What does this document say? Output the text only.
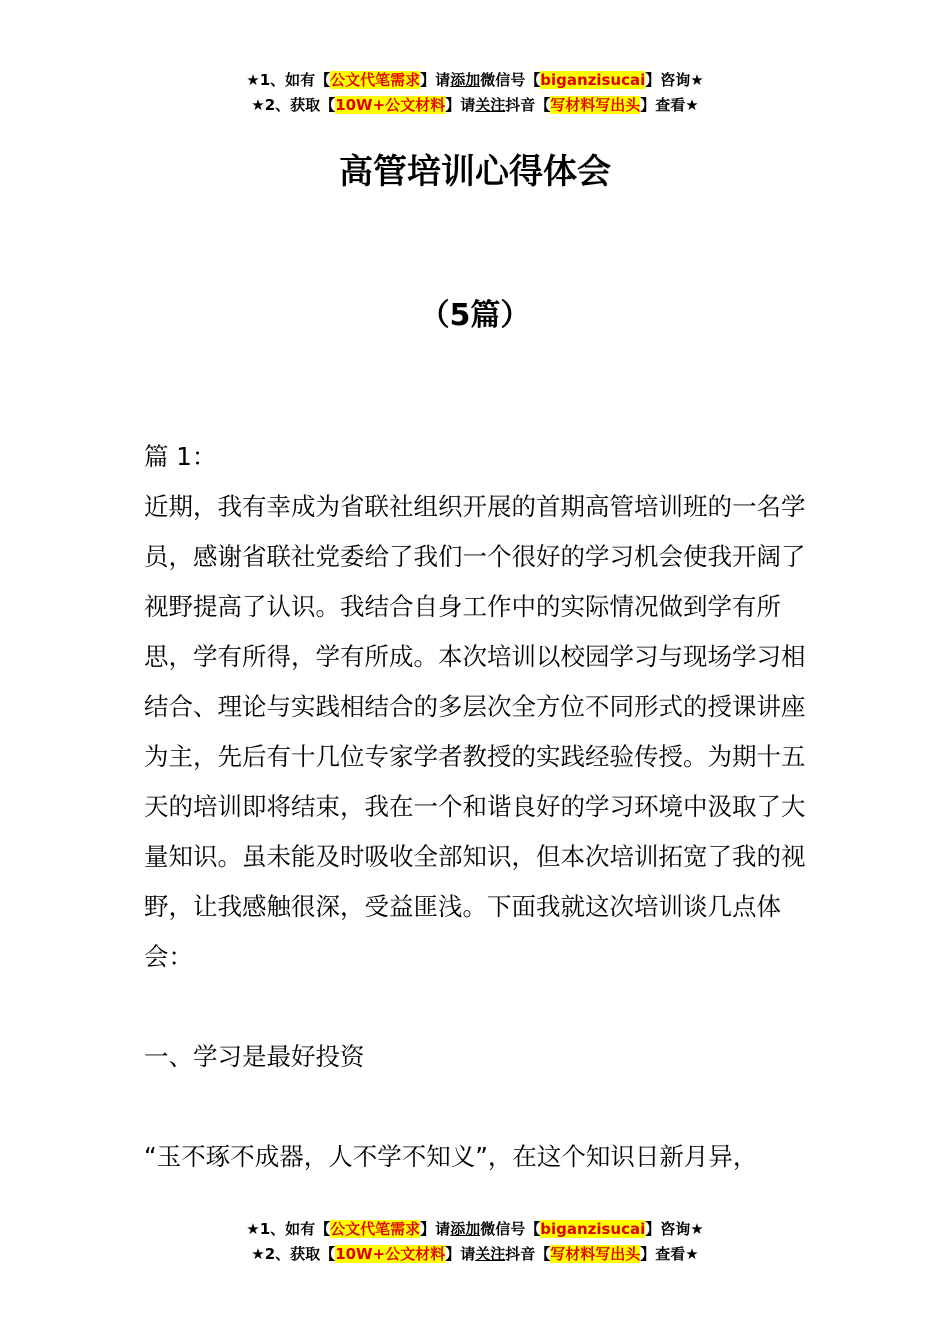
★1、如有【公文代笔需求】请添加微信号【biganzisucai】咨询★
★2、获取【10W+公文材料】请关注抖音【写材料写出头】查看★
高管培训心得体会
（5篇）

篇 1：

近期，我有幸成为省联社组织开展的首期高管培训班的一名学员，感谢省联社党委给了我们一个很好的学习机会使我开阔了视野提高了认识。我结合自身工作中的实际情况做到学有所思，学有所得，学有所成。本次培训以校园学习与现场学习相结合、理论与实践相结合的多层次全方位不同形式的授课讲座为主，先后有十几位专家学者教授的实践经验传授。为期十五天的培训即将结束，我在一个和谐良好的学习环境中汲取了大量知识。虽未能及时吸收全部知识，但本次培训拓宽了我的视野，让我感触很深，受益匪浅。下面我就这次培训谈几点体会：

一、学习是最好投资

“玉不琢不成器，人不学不知义”，在这个知识日新月异，

★1、如有【公文代笔需求】请添加微信号【biganzisucai】咨询★
★2、获取【10W+公文材料】请关注抖音【写材料写出头】查看★
